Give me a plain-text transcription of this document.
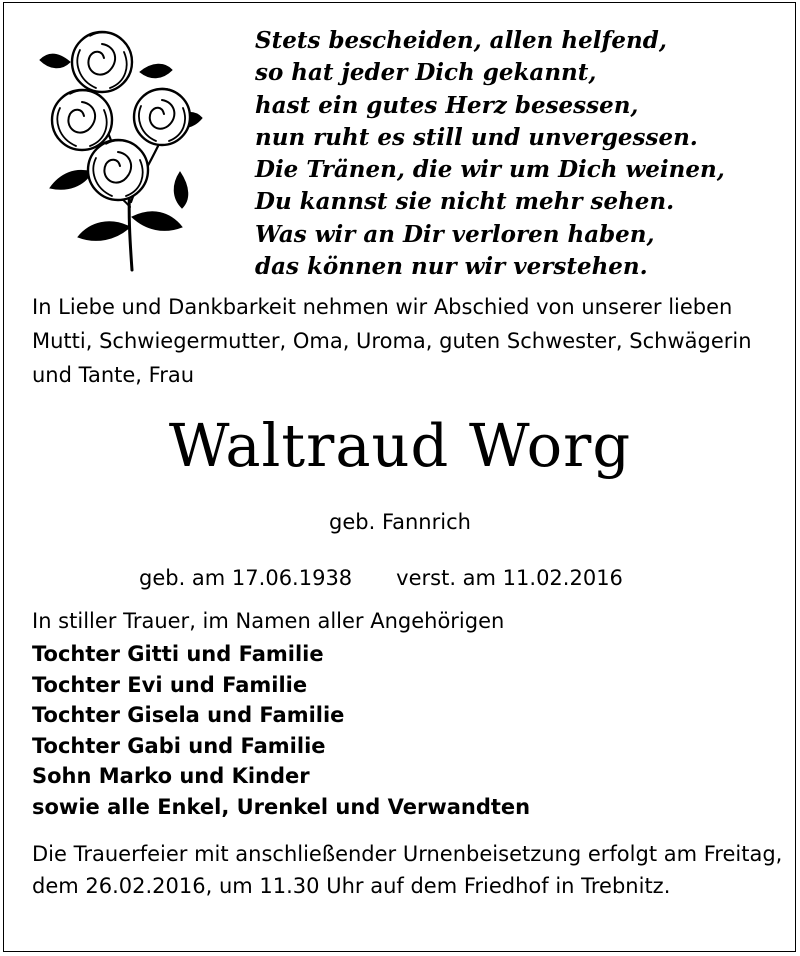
Stets bescheiden, allen helfend,
so hat jeder Dich gekannt,
hast ein gutes Herz besessen,
nun ruht es still und unvergessen.
Die Tränen, die wir um Dich weinen,
Du kannst sie nicht mehr sehen.
Was wir an Dir verloren haben,
das können nur wir verstehen.
In Liebe und Dankbarkeit nehmen wir Abschied von unserer lieben Mutti, Schwiegermutter, Oma, Uroma, guten Schwester, Schwägerin und Tante, Frau
Waltraud Worg
geb. Fannrich
geb. am 17.06.1938 verst. am 11.02.2016
In stiller Trauer, im Namen aller Angehörigen
Tochter Gitti und Familie
Tochter Evi und Familie
Tochter Gisela und Familie
Tochter Gabi und Familie
Sohn Marko und Kinder
sowie alle Enkel, Urenkel und Verwandten
Die Trauerfeier mit anschließender Urnenbeisetzung erfolgt am Freitag, dem 26.02.2016, um 11.30 Uhr auf dem Friedhof in Trebnitz.
